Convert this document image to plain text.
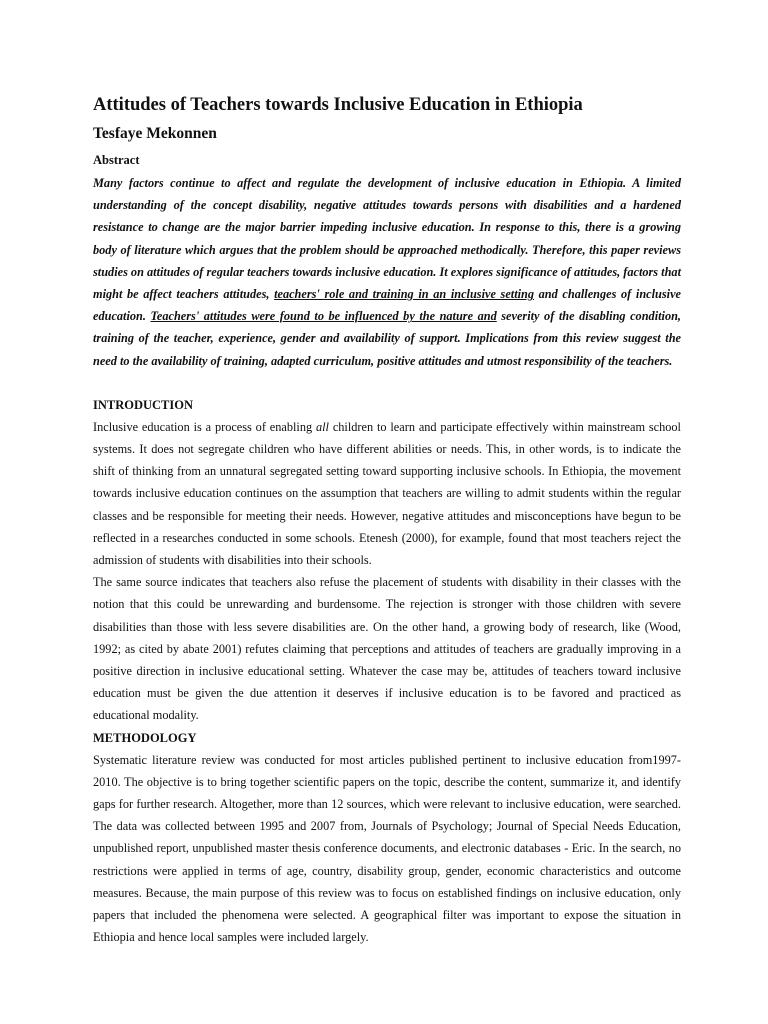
Attitudes of Teachers towards Inclusive Education in Ethiopia
Tesfaye Mekonnen
Abstract
Many factors continue to affect and regulate the development of inclusive education in Ethiopia. A limited understanding of the concept disability, negative attitudes towards persons with disabilities and a hardened resistance to change are the major barrier impeding inclusive education. In response to this, there is a growing body of literature which argues that the problem should be approached methodically. Therefore, this paper reviews studies on attitudes of regular teachers towards inclusive education. It explores significance of attitudes, factors that might be affect teachers attitudes, teachers' role and training in an inclusive setting and challenges of inclusive education. Teachers' attitudes were found to be influenced by the nature and severity of the disabling condition, training of the teacher, experience, gender and availability of support. Implications from this review suggest the need to the availability of training, adapted curriculum, positive attitudes and utmost responsibility of the teachers.
INTRODUCTION

Inclusive education is a process of enabling all children to learn and participate effectively within mainstream school systems. It does not segregate children who have different abilities or needs. This, in other words, is to indicate the shift of thinking from an unnatural segregated setting toward supporting inclusive schools. In Ethiopia, the movement towards inclusive education continues on the assumption that teachers are willing to admit students within the regular classes and be responsible for meeting their needs. However, negative attitudes and misconceptions have begun to be reflected in a researches conducted in some schools. Etenesh (2000), for example, found that most teachers reject the admission of students with disabilities into their schools.

The same source indicates that teachers also refuse the placement of students with disability in their classes with the notion that this could be unrewarding and burdensome. The rejection is stronger with those children with severe disabilities than those with less severe disabilities are. On the other hand, a growing body of research, like (Wood, 1992; as cited by abate 2001) refutes claiming that perceptions and attitudes of teachers are gradually improving in a positive direction in inclusive educational setting. Whatever the case may be, attitudes of teachers toward inclusive education must be given the due attention it deserves if inclusive education is to be favored and practiced as educational modality.

METHODOLOGY

Systematic literature review was conducted for most articles published pertinent to inclusive education from1997- 2010. The objective is to bring together scientific papers on the topic, describe the content, summarize it, and identify gaps for further research. Altogether, more than 12 sources, which were relevant to inclusive education, were searched. The data was collected between 1995 and 2007 from, Journals of Psychology; Journal of Special Needs Education, unpublished report, unpublished master thesis conference documents, and electronic databases - Eric. In the search, no restrictions were applied in terms of age, country, disability group, gender, economic characteristics and outcome measures. Because, the main purpose of this review was to focus on established findings on inclusive education, only papers that included the phenomena were selected. A geographical filter was important to expose the situation in Ethiopia and hence local samples were included largely.
